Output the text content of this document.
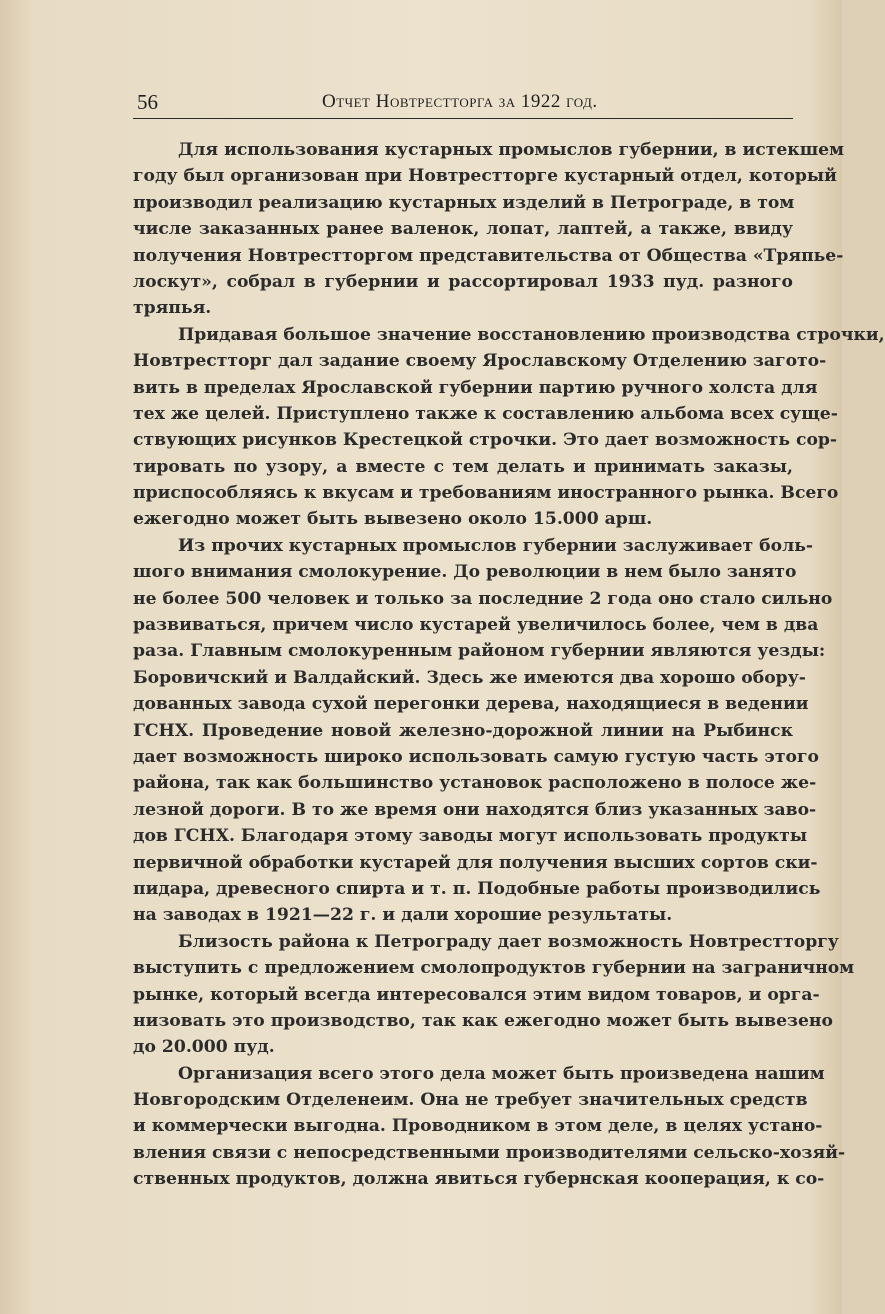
56	Отчет Новтрестторга за 1922 год.
Для использования кустарных промыслов губернии, в истекшем
году был организован при Новтрестторге кустарный отдел, который
производил реализацию кустарных изделий в Петрограде, в том
числе заказанных ранее валенок, лопат, лаптей, а также, ввиду
получения Новтрестторгом представительства от Общества «Тряпье-
лоскут», собрал в губернии и рассортировал 1933 пуд. разного
тряпья.
Придавая большое значение восстановлению производства строчки,
Новтрестторг дал задание своему Ярославскому Отделению загото-
вить в пределах Ярославской губернии партию ручного холста для
тех же целей. Приступлено также к составлению альбома всех суще-
ствующих рисунков Крестецкой строчки. Это дает возможность сор-
тировать по узору, а вместе с тем делать и принимать заказы,
приспособляясь к вкусам и требованиям иностранного рынка. Всего
ежегодно может быть вывезено около 15.000 арш.
Из прочих кустарных промыслов губернии заслуживает боль-
шого внимания смолокурение. До революции в нем было занято
не более 500 человек и только за последние 2 года оно стало сильно
развиваться, причем число кустарей увеличилось более, чем в два
раза. Главным смолокуренным районом губернии являются уезды:
Боровичский и Валдайский. Здесь же имеются два хорошо обору-
дованных завода сухой перегонки дерева, находящиеся в ведении
ГСНХ. Проведение новой железно-дорожной линии на Рыбинск
дает возможность широко использовать самую густую часть этого
района, так как большинство установок расположено в полосе же-
лезной дороги. В то же время они находятся близ указанных заво-
дов ГСНХ. Благодаря этому заводы могут использовать продукты
первичной обработки кустарей для получения высших сортов ски-
пидара, древесного спирта и т. п. Подобные работы производились
на заводах в 1921—22 г. и дали хорошие результаты.
Близость района к Петрограду дает возможность Новтрестторгу
выступить с предложением смолопродуктов губернии на заграничном
рынке, который всегда интересовался этим видом товаров, и орга-
низовать это производство, так как ежегодно может быть вывезено
до 20.000 пуд.
Организация всего этого дела может быть произведена нашим
Новгородским Отделенеим. Она не требует значительных средств
и коммерчески выгодна. Проводником в этом деле, в целях устано-
вления связи с непосредственными производителями сельско-хозяй-
ственных продуктов, должна явиться губернская кооперация, к со-
